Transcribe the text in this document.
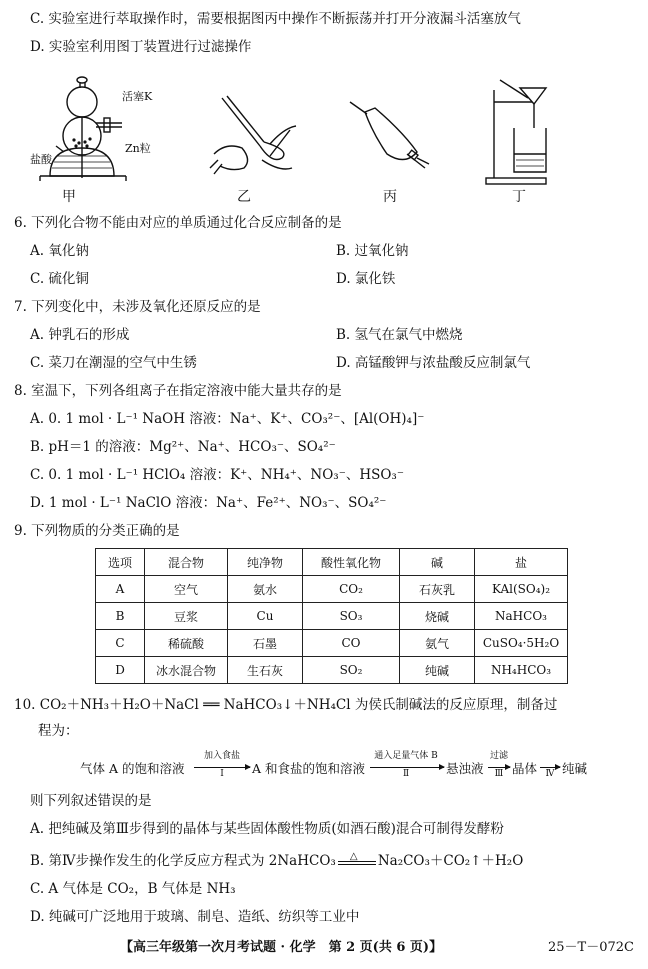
C. 实验室进行萃取操作时，需要根据图丙中操作不断振荡并打开分液漏斗活塞放气
D. 实验室利用图丁装置进行过滤操作
活塞K
Zn粒
盐酸
甲	乙	丙	丁
6. 下列化合物不能由对应的单质通过化合反应制备的是
A. 氧化钠	B. 过氧化钠
C. 硫化铜	D. 氯化铁
7. 下列变化中，未涉及氧化还原反应的是
A. 钟乳石的形成	B. 氢气在氯气中燃烧
C. 菜刀在潮湿的空气中生锈	D. 高锰酸钾与浓盐酸反应制氯气
8. 室温下，下列各组离子在指定溶液中能大量共存的是
A. 0. 1 mol · L⁻¹ NaOH 溶液：Na⁺、K⁺、CO₃²⁻、[Al(OH)₄]⁻
B. pH＝1 的溶液：Mg²⁺、Na⁺、HCO₃⁻、SO₄²⁻
C. 0. 1 mol · L⁻¹ HClO₄ 溶液：K⁺、NH₄⁺、NO₃⁻、HSO₃⁻
D. 1 mol · L⁻¹ NaClO 溶液：Na⁺、Fe²⁺、NO₃⁻、SO₄²⁻
9. 下列物质的分类正确的是
选项	混合物	纯净物	酸性氧化物	碱	盐
A	空气	氨水	CO₂	石灰乳	KAl(SO₄)₂
B	豆浆	Cu	SO₃	烧碱	NaHCO₃
C	稀硫酸	石墨	CO	氨气	CuSO₄·5H₂O
D	冰水混合物	生石灰	SO₂	纯碱	NH₄HCO₃
10. CO₂＋NH₃＋H₂O＋NaCl ══ NaHCO₃↓＋NH₄Cl 为侯氏制碱法的反应原理，制备过
程为：
气体 A 的饱和溶液
加入食盐
Ⅰ	A 和食盐的饱和溶液
通入足量气体 B
Ⅱ	悬浊液
过滤
Ⅲ 晶体 Ⅳ 纯碱
则下列叙述错误的是
A. 把纯碱及第Ⅲ步得到的晶体与某些固体酸性物质(如酒石酸)混合可制得发酵粉
B. 第Ⅳ步操作发生的化学反应方程式为 2NaHCO₃ △ Na₂CO₃＋CO₂↑＋H₂O
C. A 气体是 CO₂，B 气体是 NH₃
D. 纯碱可广泛地用于玻璃、制皂、造纸、纺织等工业中
【高三年级第一次月考试题 · 化学　第 2 页(共 6 页)】	25－T－072C
